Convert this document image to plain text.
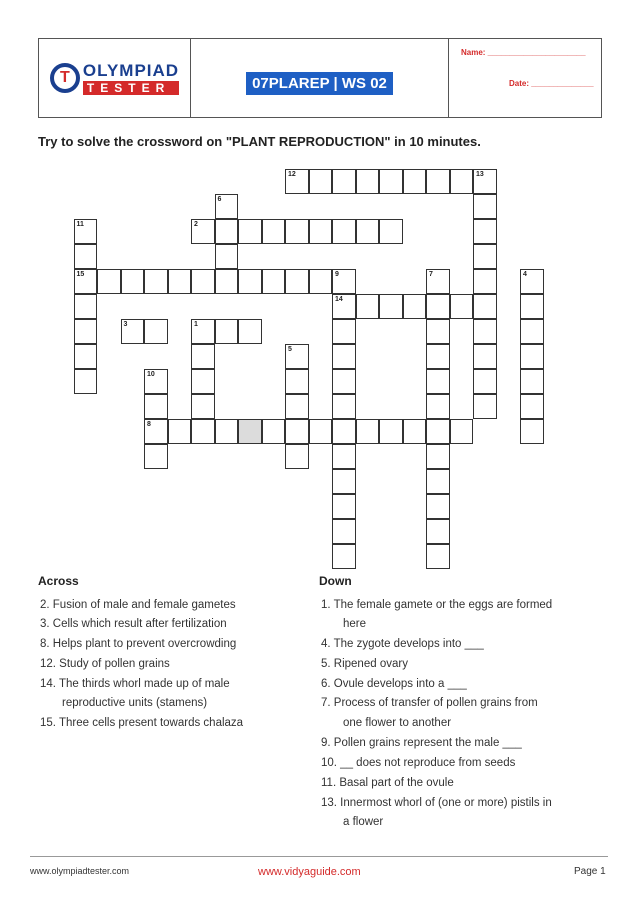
T OLYMPIAD
TESTER	07PLAREP | WS 02
Name: ______________________
Date: ______________
Try to solve the crossword on "PLANT REPRODUCTION" in 10 minutes.
12	13
2
15
14
3	1
8
6
11
9	7	4
5
10
Across
2. Fusion of male and female gametes
3. Cells which result after fertilization
8. Helps plant to prevent overcrowding
12. Study of pollen grains
14. The thirds whorl made up of male
reproductive units (stamens)
15. Three cells present towards chalaza
Down
1. The female gamete or the eggs are formed
here
4. The zygote develops into ___
5. Ripened ovary
6. Ovule develops into a ___
7. Process of transfer of pollen grains from
one flower to another
9. Pollen grains represent the male ___
10. __ does not reproduce from seeds
11. Basal part of the ovule
13. Innermost whorl of (one or more) pistils in
a flower
www.olympiadtester.com	www.vidyaguide.com	Page 1
